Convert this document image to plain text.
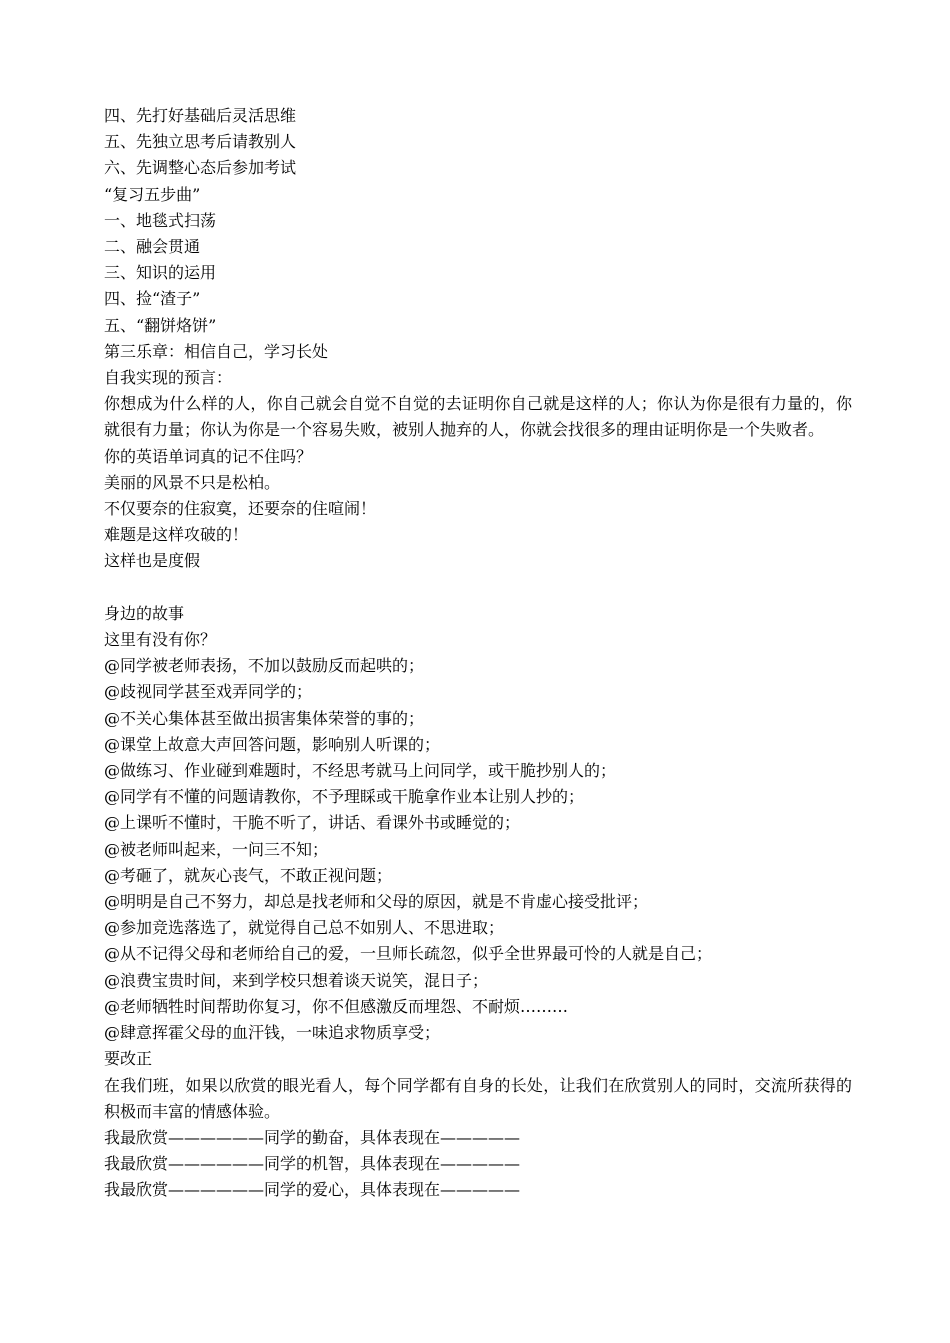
四、先打好基础后灵活思维

五、先独立思考后请教别人

六、先调整心态后参加考试

“复习五步曲”

一、地毯式扫荡

二、融会贯通

三、知识的运用

四、捡“渣子”

五、“翻饼烙饼”

第三乐章：相信自己，学习长处

自我实现的预言：

你想成为什么样的人，你自己就会自觉不自觉的去证明你自己就是这样的人；你认为你是很有力量的，你就很有力量；你认为你是一个容易失败，被别人抛弃的人，你就会找很多的理由证明你是一个失败者。

你的英语单词真的记不住吗？

美丽的风景不只是松柏。

不仅要奈的住寂寞，还要奈的住喧闹！

难题是这样攻破的！

这样也是度假

身边的故事

这里有没有你？

@同学被老师表扬，不加以鼓励反而起哄的；

@歧视同学甚至戏弄同学的；

@不关心集体甚至做出损害集体荣誉的事的；

@课堂上故意大声回答问题，影响别人听课的；

@做练习、作业碰到难题时，不经思考就马上问同学，或干脆抄别人的；

@同学有不懂的问题请教你，不予理睬或干脆拿作业本让别人抄的；

@上课听不懂时，干脆不听了，讲话、看课外书或睡觉的；

@被老师叫起来，一问三不知；

@考砸了，就灰心丧气，不敢正视问题；

@明明是自己不努力，却总是找老师和父母的原因，就是不肯虚心接受批评；

@参加竞选落选了，就觉得自己总不如别人、不思进取；

@从不记得父母和老师给自己的爱，一旦师长疏忽，似乎全世界最可怜的人就是自己；

@浪费宝贵时间，来到学校只想着谈天说笑，混日子；

@老师牺牲时间帮助你复习，你不但感激反而埋怨、不耐烦………

@肆意挥霍父母的血汗钱，一味追求物质享受；

要改正

在我们班，如果以欣赏的眼光看人，每个同学都有自身的长处，让我们在欣赏别人的同时，交流所获得的积极而丰富的情感体验。

我最欣赏——————同学的勤奋，具体表现在—————

我最欣赏——————同学的机智，具体表现在—————

我最欣赏——————同学的爱心，具体表现在—————
